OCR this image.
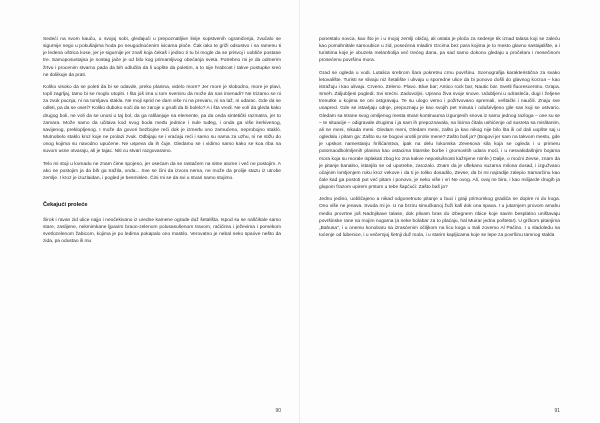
Sedeći na svom kauču, u svojoj sobi, gledajući u prepoznatljive linije sopstvenih ograničenja, zvučalo se sigurnije nego u pokušajima hoda po neugodnoćenim ivicama ploče. Čak iako te griži odsustvo i na ramenu ti je ledena oštrica kose, jer je sigurnije jer znaš koja čekaš i jedino ti tu bi mogle da se prisvoj i uobliče postane tre. Samoposustajna je nostag jače je od bilo kog primamljivog obećanja sveta. Potrebno mi je da odmerim žrtvu i procenim stvarno pada da bih odlučila da li uopšte da poletim, a to nije hrabrost i takve postupke sreó ne doliikuje da prati.

Koliko visoko da se poleti da bi se odavde, preko planina, videlo more? Jer more je slobodno, more je plavi, topli zagrljaj, tamo bi se moglo utopiti. I šta još ima u tom svemiru da može da nas imenadi? Ne trizamo se ni za zvuk pucnja, ni na tomljavu staklа. Ne moji sprid ne dam više ni na prevaru, ni na laž, ni udarac. Gde da se odleti, pa da se osetí? Koliko duboko noči da se zaroje u gruđi da bi bolelo? A i šta vredi. Ne volí da gleda kako drugog boli, ne voli da se unosi u taj bol, da ga rašlanjuje na elemente, pa da onda sintetički razmatra, jer to zamara. Može samo da učitava kod svog boda među jednice i nule tuđeg, i onda ga više iterkivenog, savijenog, preklopljenog. I može da govori bezbojne reči dok je između ono zamućeno, neprobojno stakló. Mutnobelo staklo kroz koje ne prolazi zvuk. Odbijaju se i vraćaju reći i samo su nama za uzhu, ni ne stižu do onog kojima su navodno upućene. Ne uspeva da ih čuje. Gledamo se i vidimo samo kako se koa riba na suvom usne otvaraju, ali je tajac. Niti cu stvari razgovaramo.

Telo mi stoji u komadu ne znam čime spojeno, jer osećam da se rastačem na sitne atome i več ne postojim. A ako ne postojim ja da bih ga tražila, onda... Sve se čini da izvora nema, ne može da prolije stazu iz utrobe zemlje. I kroz je izuzlaidan, i pogled je besmislen. Čini mi se da svi u stvari samo stojimo.

Čekajući proleće

Širok i ravan zid ulice najjo i neočekivano iz uredne kamene ograde duž šetališta. Ispod su se naščikale samo stare, zaslijene, nekmimkane ljpavim braon-zelenom polusasušenom travom, račićima i ježevima i pomekom svetlozelenom žabicom, kojima je po ledima pokapalo ono mastilo. Verovatno je nebal neko spaóve nešto da zida, pa odustao ili mu

90

ponestalo novca, kao što je i u mojoj zemlji običaj, ali ostala je ploča za sedenje tik iznad talasa koji se zaleću kao pomahnitale samoubice u zid, posećena mladim Grcima bez para kojima je to mesto glavno sastajalište, a i turistima koje je obuzela melanholija već trećeg dana, pa sad samo dokono gledaju u pročelaru i mesečinom prosećenu površinu mora.

Grad se ogleda u vodi. Lutalica srebrom šara pokretnu crnu površinu. Scenografija karakteristična za svako letovalište. Turisti se slivaju niz šetalište i ulivaju u sporedne ulice da bi ponovo došli do glavnog korzoa – kao istražuju i kao ulivaju. Crveno. Zeleno. Plavo. Blue bar; Antico rock bar, Nautic bar. Svetli fluorescentno. Grapa. Smeh. Zaljubljeni pogledi. Svi srećni. Zadovoljni. Uprano živa svoje snove. Udubljeni u odrasleća, dugi i željene trenutke u kojima se oni ostgravaju. Te su ulogo vemo i požrtvovano spremali, veštački i naučili. Znaju sve unapred. Gde se istavljaju odnje, prepoznaju je kao svojih pet minuta i odušėvljeno gile san koji se ostvario. Gledam sa strane svog omiljenog mesta stvari kontinuuma izgunjenih snova iz samo jednog razloga – one su se – te situacije – odigravale drugima i ja sam ih prepoznavala, na licima čitala ushićenje od susreta sa mislitanim, ali ne meni, nikada meni. Gledam meni, Gledam meni, zašto ja kao nikog nije bilo šta ili od dali uopšte saj u ogledalu i pitam ga: Zašto su se bogovi urotili protiv mene? Zašto baš ja? (Bogovi jer sam na takvom mestu, gde je upskos namestanju hrišćanstva, ipak na delu lokonska Zevesova sila koja se ogleda i u primeru potomaodbolmljenih planina kao ostacima titanske borbe i gromovitih udara moći, i u nesvakidašnjim bojama mora koja su morale isplakati zbog ko zna kakve neposlušnosti kažnjene nimfe.) Dalje, o moćni Zevse, znam da je pitanje banalno, istanjilo se od upotrebe, zarozalo. Znam da je uflekano suzama milona dosad, i izgužvano očajnim lomljenjem ruku kroz vekove i da ti je toliko dosadilo, Zevse, da bi mi najradije zalepio Samarčinu kao čale kad ga postoti put već pitam i ponovo, je neko više i vri Ne ovog. Ali, ovaj ne bira, i kao milijarde drugih ja glupom frazom upirem prstom u tebe šapćući: Zašto baš ja?

Jedno jedino, uobličajeno a nikad odgonetnuto pitanje u buci i graji primorskog gradića ne dopire ni do koga. Ono više ne jenava. Svuda mi je. U na brziru simučkanoj žuži kafi dok ona spava. I u jutarnjem provom amahu mediu provrtne još Nadnjikave talase, dok plivam bras do izbegnem ribice koje savim besplatno uništavaju površinske rane na mojim nogama (a neke bolabar za to plaćaju, hal Muirar jedna pošteta!). U grčkom pitanjima „Bahusa", i u onemu konobaru sa izrasćenim očiljkom na licu koga u Sali zovemo Al Pačino. I u sladoledu na toćenje od lubenice, i u večernjoj šetnji duž mola, i u starim kapljicama koje se lepe za površinu tamnog stakla

91
